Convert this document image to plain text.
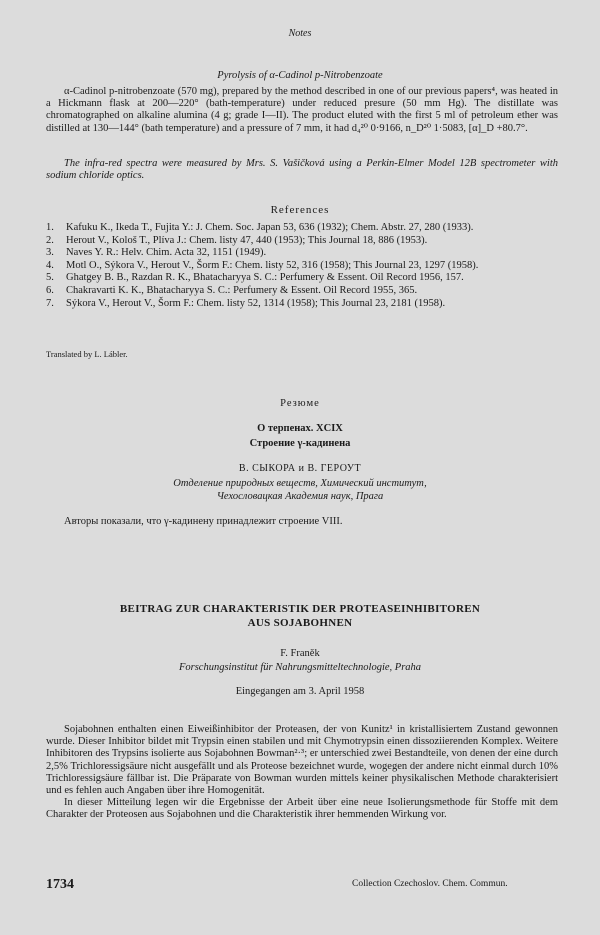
Notes
Pyrolysis of α-Cadinol p-Nitrobenzoate

α-Cadinol p-nitrobenzoate (570 mg), prepared by the method described in one of our previous papers⁴, was heated in a Hickmann flask at 200—220° (bath-temperature) under reduced presure (50 mm Hg). The distillate was chromatographed on alkaline alumina (4 g; grade I—II). The product eluted with the first 5 ml of petroleum ether was distilled at 130—144° (bath temperature) and a pressure of 7 mm, it had d₄²⁰ 0·9166, n_D²⁰ 1·5083, [α]_D +80.7°.

The infra-red spectra were measured by Mrs. S. Vašičková using a Perkin-Elmer Model 12B spectrometer with sodium chloride optics.

References
1. Kafuku K., Ikeda T., Fujita Y.: J. Chem. Soc. Japan 53, 636 (1932); Chem. Abstr. 27, 280 (1933).
2. Herout V., Kološ T., Plíva J.: Chem. listy 47, 440 (1953); This Journal 18, 886 (1953).
3. Naves Y. R.: Helv. Chim. Acta 32, 1151 (1949).
4. Motl O., Sýkora V., Herout V., Šorm F.: Chem. listy 52, 316 (1958); This Journal 23, 1297 (1958).
5. Ghatgey B. B., Razdan R. K., Bhatacharyya S. C.: Perfumery & Essent. Oil Record 1956, 157.
6. Chakravarti K. K., Bhatacharyya S. C.: Perfumery & Essent. Oil Record 1955, 365.
7. Sýkora V., Herout V., Šorm F.: Chem. listy 52, 1314 (1958); This Journal 23, 2181 (1958).
Translated by L. Lábler.
Резюме
О терпенах. XCIX
Строение γ-кадинена
В. СЫКОРА и В. ГЕРОУТ
Отделение природных веществ, Химический институт,
Чехословацкая Академия наук, Прага
Авторы показали, что γ-кадинену принадлежит строение VIII.
BEITRAG ZUR CHARAKTERISTIK DER PROTEASEINHIBITOREN
AUS SOJABOHNEN
F. Franěk
Forschungsinstitut für Nahrungsmitteltechnologie, Praha
Eingegangen am 3. April 1958

Sojabohnen enthalten einen Eiweißinhibitor der Proteasen, der von Kunitz¹ in kristallisiertem Zustand gewonnen wurde. Dieser Inhibitor bildet mit Trypsin einen stabilen und mit Chymotrypsin einen dissoziierenden Komplex. Weitere Inhibitoren des Trypsins isolierte aus Sojabohnen Bowman²·³; er unterschied zwei Bestandteile, von denen der eine durch 2,5% Trichloressigsäure nicht ausgefällt und als Proteose bezeichnet wurde, wogegen der andere nicht einmal durch 10% Trichloressigsäure fällbar ist. Die Präparate von Bowman wurden mittels keiner physikalischen Methode charakterisiert und es fehlen auch Angaben über ihre Homogenität.

In dieser Mitteilung legen wir die Ergebnisse der Arbeit über eine neue Isolierungsmethode für Stoffe mit dem Charakter der Proteosen aus Sojabohnen und die Charakteristik ihrer hemmenden Wirkung vor.

1734	Collection Czechoslov. Chem. Commun.
